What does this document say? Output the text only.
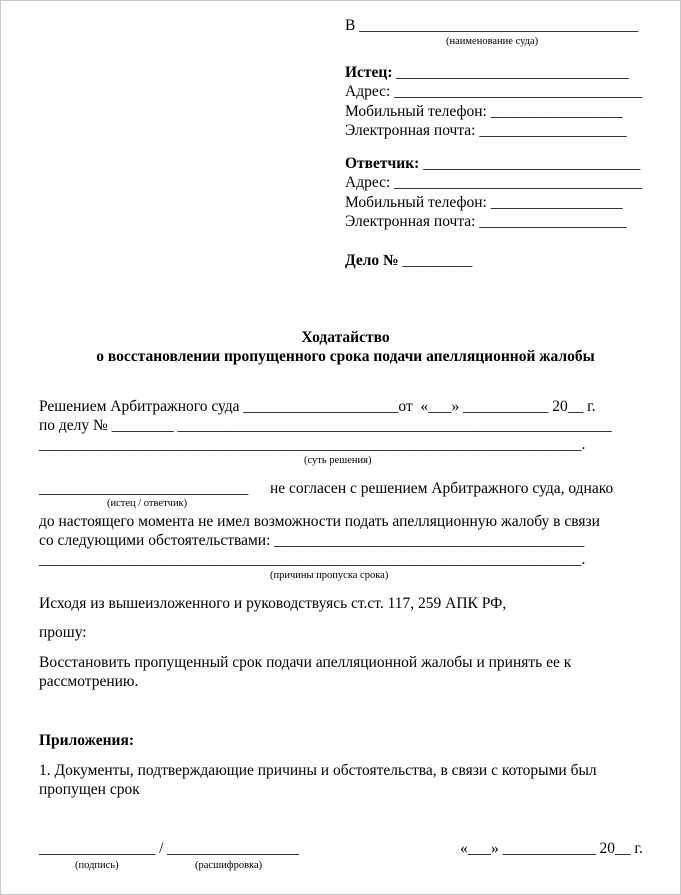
В ____________________________________
(наименование суда)
Истец: ______________________________
Адрес: ________________________________
Мобильный телефон: _________________
Электронная почта: ___________________
Ответчик: ____________________________
Адрес: ________________________________
Мобильный телефон: _________________
Электронная почта: ___________________
Дело № _________
Ходатайство
о восстановлении пропущенного срока подачи апелляционной жалобы
Решением Арбитражного суда ____________________от  «___» ___________ 20__ г.
по делу № ________ ________________________________________________________
______________________________________________________________________.
(суть решения)
___________________________ не согласен с решением Арбитражного суда, однако
(истец / ответчик)
до настоящего момента не имел возможности подать апелляционную жалобу в связи
со следующими обстоятельствами: ________________________________________
______________________________________________________________________.
(причины пропуска срока)
Исходя из вышеизложенного и руководствуясь ст.ст. 117, 259 АПК РФ,
прошу:
Восстановить пропущенный срок подачи апелляционной жалобы и принять ее к
рассмотрению.
Приложения:
1. Документы, подтверждающие причины и обстоятельства, в связи с которыми был
пропущен срок
_______________ / _________________
(подпись)	(расшифровка)
«___» ____________ 20__ г.
